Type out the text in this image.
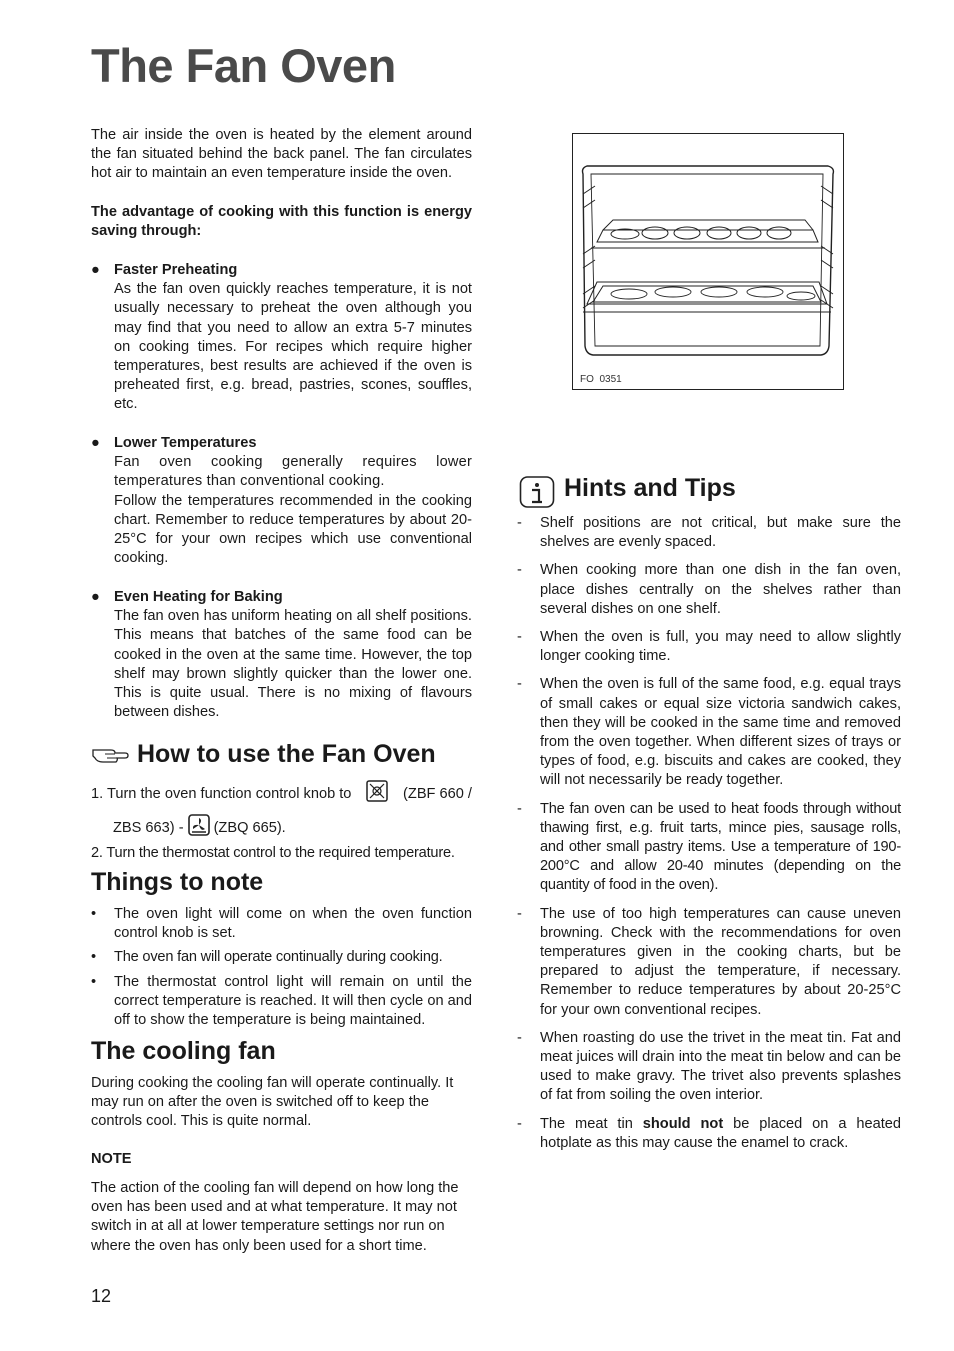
The Fan Oven

The air inside the oven is heated by the element around the fan situated behind the back panel. The fan circulates hot air to maintain an even temperature inside the oven.

The advantage of cooking with this function is energy saving through:

● Faster Preheating
As the fan oven quickly reaches temperature, it is not usually necessary to preheat the oven although you may find that you need to allow an extra 5-7 minutes on cooking times. For recipes which require higher temperatures, best results are achieved if the oven is preheated first, e.g. bread, pastries, scones, souffles, etc.
● Lower Temperatures
Fan oven cooking generally requires lower temperatures than conventional cooking.
Follow the temperatures recommended in the cooking chart. Remember to reduce temperatures by about 20-25°C for your own recipes which use conventional cooking.
● Even Heating for Baking
The fan oven has uniform heating on all shelf positions. This means that batches of the same food can be cooked in the oven at the same time. However, the top shelf may brown slightly quicker than the lower one. This is quite usual. There is no mixing of flavours between dishes.
How to use the Fan Oven
1. Turn the oven function control knob to	(ZBF 660 /
ZBS 663) - (ZBQ 665).
2. Turn the thermostat control to the required temperature.
Things to note
• The oven light will come on when the oven function control knob is set.
• The oven fan will operate continually during cooking.
• The thermostat control light will remain on until the correct temperature is reached. It will then cycle on and off to show the temperature is being maintained.
The cooling fan

During cooking the cooling fan will operate continually. It may run on after the oven is switched off to keep the controls cool. This is quite normal.

NOTE

The action of the cooling fan will depend on how long the oven has been used and at what temperature. It may not switch in at all at lower temperature settings nor run on where the oven has only been used for a short time.

12
FO  0351
Hints and Tips
- Shelf positions are not critical, but make sure the shelves are evenly spaced.
- When cooking more than one dish in the fan oven, place dishes centrally on the shelves rather than several dishes on one shelf.
- When the oven is full, you may need to allow slightly longer cooking time.
- When the oven is full of the same food, e.g. equal trays of small cakes or equal size victoria sandwich cakes, then they will be cooked in the same time and removed from the oven together. When different sizes of trays or types of food, e.g. biscuits and cakes are cooked, they will not necessarily be ready together.
- The fan oven can be used to heat foods through without thawing first, e.g. fruit tarts, mince pies, sausage rolls, and other small pastry items. Use a temperature of 190-200°C and allow 20-40 minutes (depending on the quantity of food in the oven).
- The use of too high temperatures can cause uneven browning. Check with the recommendations for oven temperatures given in the cooking charts, but be prepared to adjust the temperature, if necessary. Remember to reduce temperatures by about 20-25°C for your own conventional recipes.
- When roasting do use the trivet in the meat tin. Fat and meat juices will drain into the meat tin below and can be used to make gravy. The trivet also prevents splashes of fat from soiling the oven interior.
- The meat tin should not be placed on a heated hotplate as this may cause the enamel to crack.
